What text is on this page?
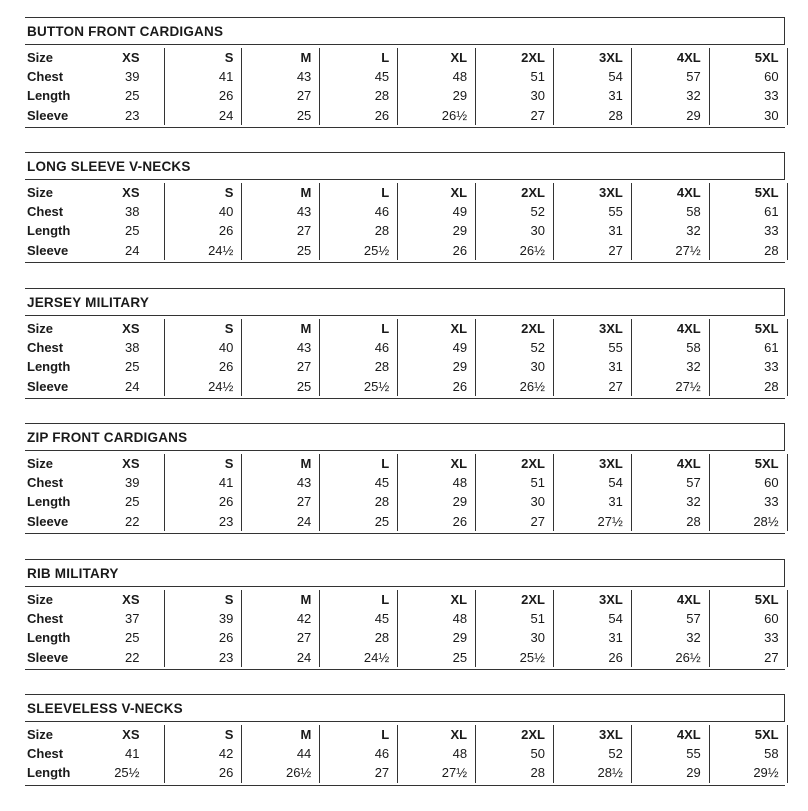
BUTTON FRONT CARDIGANS
Size XS	S	M	L	XL	2XL	3XL	4XL	5XL

Chest 39	41	43	45	48	51	54	57	60

Length 25	26	27	28	29	30	31	32	33

Sleeve 23	24	25	26	26½	27	28	29	30
LONG SLEEVE V-NECKS
Size XS	S	M	L	XL	2XL	3XL	4XL	5XL

Chest 38	40	43	46	49	52	55	58	61

Length 25	26	27	28	29	30	31	32	33

Sleeve 24	24½	25	25½	26	26½	27	27½	28
JERSEY MILITARY
Size XS	S	M	L	XL	2XL	3XL	4XL	5XL

Chest 38	40	43	46	49	52	55	58	61

Length 25	26	27	28	29	30	31	32	33

Sleeve 24	24½	25	25½	26	26½	27	27½	28
ZIP FRONT CARDIGANS
Size XS	S	M	L	XL	2XL	3XL	4XL	5XL

Chest 39	41	43	45	48	51	54	57	60

Length 25	26	27	28	29	30	31	32	33

Sleeve 22	23	24	25	26	27	27½	28	28½
RIB MILITARY
Size XS	S	M	L	XL	2XL	3XL	4XL	5XL

Chest 37	39	42	45	48	51	54	57	60

Length 25	26	27	28	29	30	31	32	33

Sleeve 22	23	24	24½	25	25½	26	26½	27
SLEEVELESS V-NECKS
Size XS	S	M	L	XL	2XL	3XL	4XL	5XL

Chest 41	42	44	46	48	50	52	55	58

Length 25½	26	26½	27	27½	28	28½	29	29½
